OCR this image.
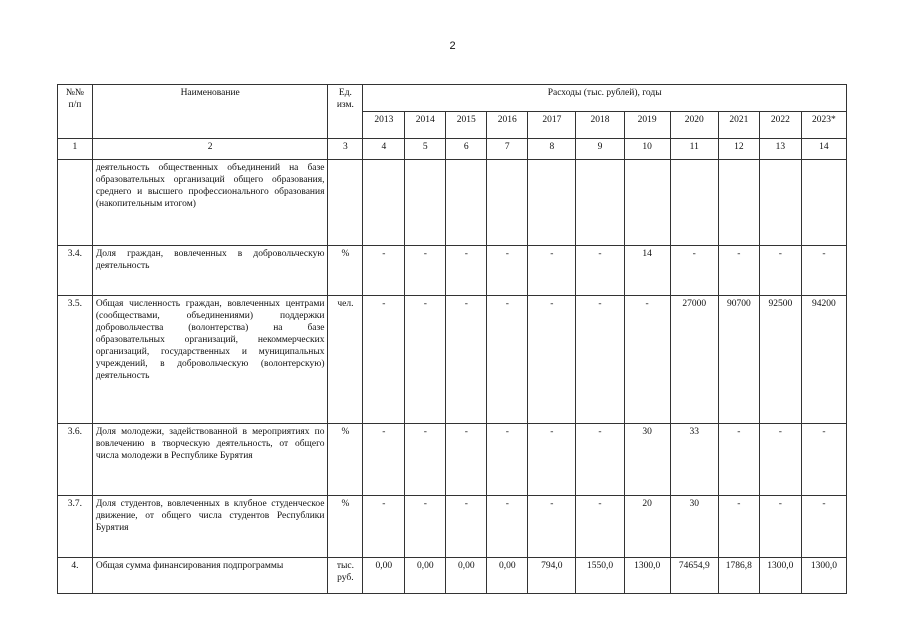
2
№№ п/п	Наименование	Ед. изм.	Расходы (тыс. рублей), годы										
			2013	2014	2015	2016	2017	2018	2019	2020	2021	2022	2023*
1	2	3	4	5	6	7	8	9	10	11	12	13	14
	деятельность общественных объединений на базе образовательных организаций общего образования, среднего и высшего профессионального образования (накопительным итогом)												
3.4.	Доля граждан, вовлеченных в добровольческую деятельность	%	-	-	-	-	-	-	14	-	-	-	-
3.5.	Общая численность граждан, вовлеченных центрами (сообществами, объединениями) поддержки добровольчества (волонтерства) на базе образовательных организаций, некоммерческих организаций, государственных и муниципальных учреждений, в добровольческую (волонтерскую) деятельность	чел.	-	-	-	-	-	-	-	27000	90700	92500	94200
3.6.	Доля молодежи, задействованной в мероприятиях по вовлечению в творческую деятельность, от общего числа молодежи в Республике Бурятия	%	-	-	-	-	-	-	30	33	-	-	-
3.7.	Доля студентов, вовлеченных в клубное студенческое движение, от общего числа студентов Республики Бурятия	%	-	-	-	-	-	-	20	30	-	-	-
4.	Общая сумма финансирования подпрограммы	тыс. руб.	0,00	0,00	0,00	0,00	794,0	1550,0	1300,0	74654,9	1786,8	1300,0	1300,0
